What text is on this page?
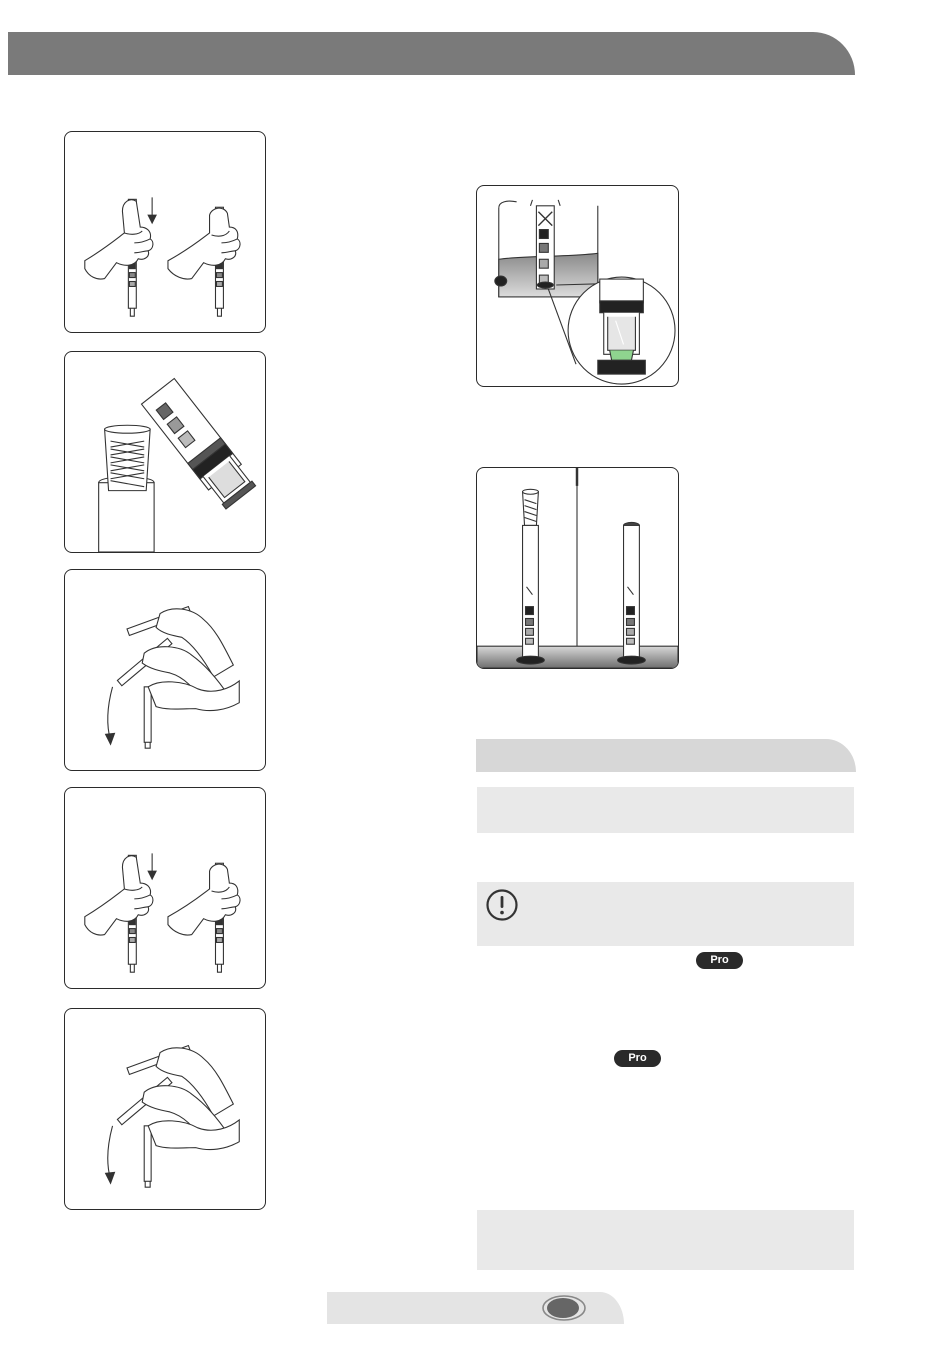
Pro
Pro
